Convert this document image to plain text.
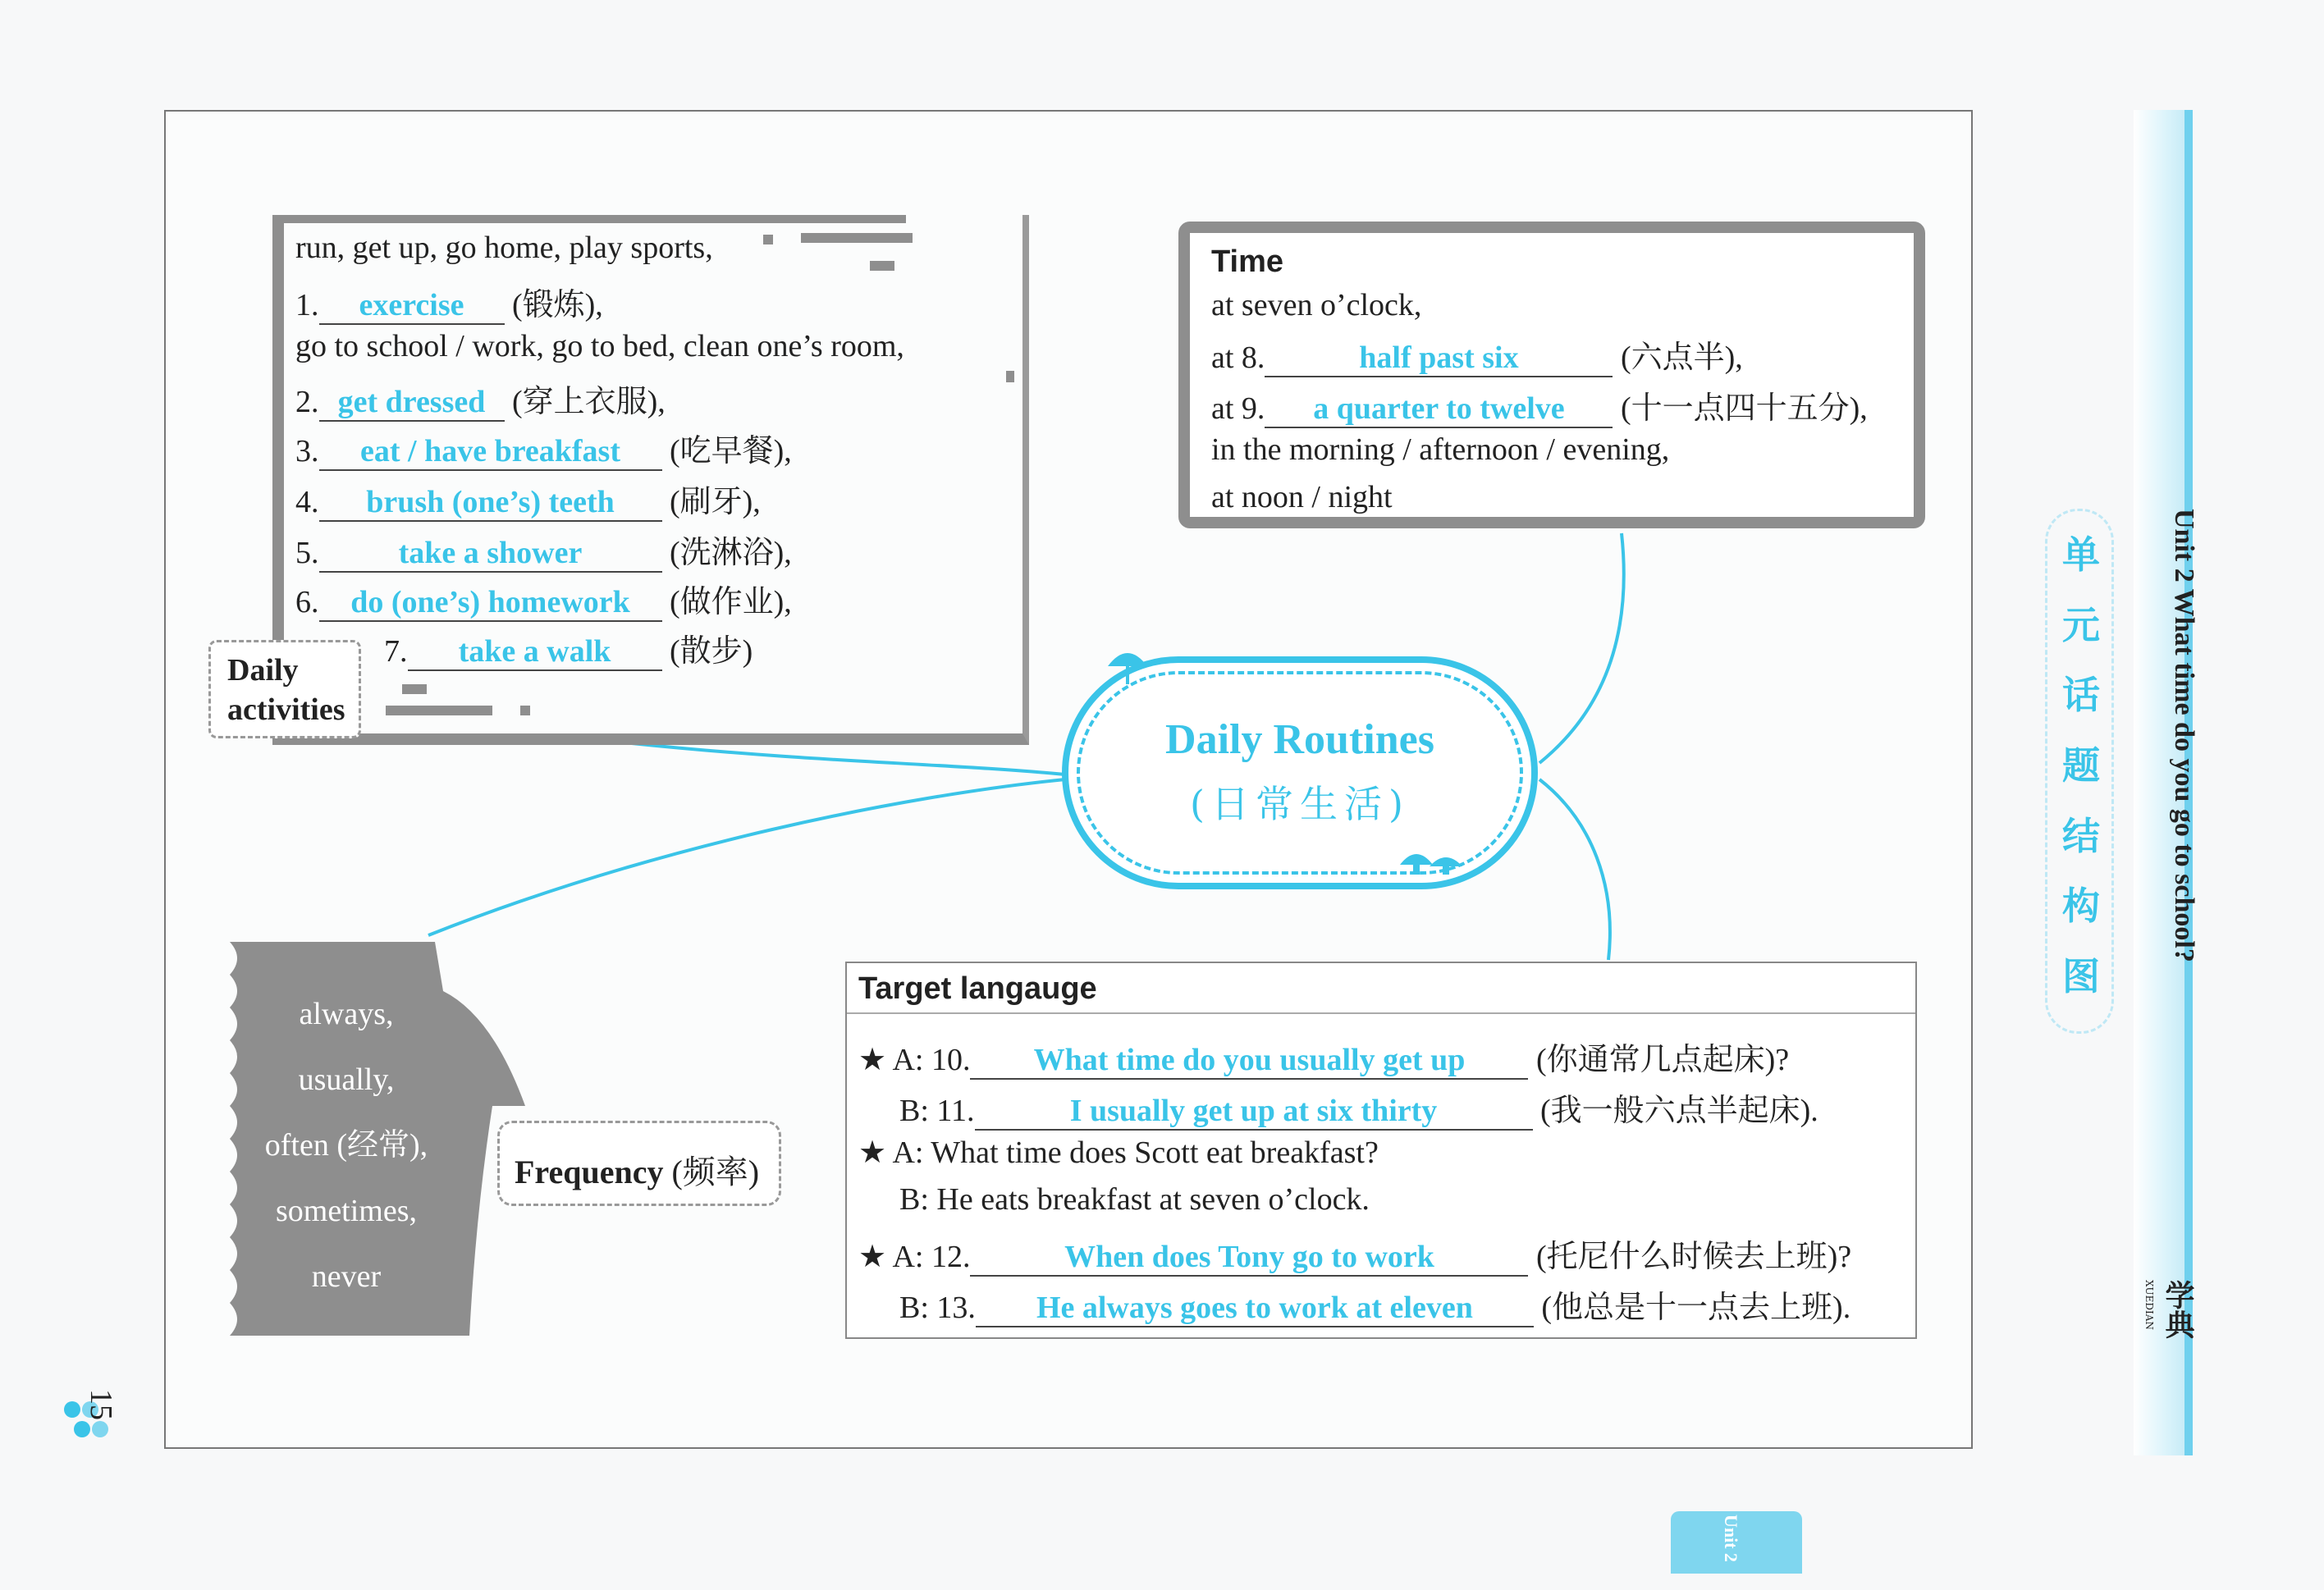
run, get up, go home, play sports,
1. exercise (锻炼),
go to school / work, go to bed, clean one’s room,
2. get dressed (穿上衣服),
3. eat / have breakfast (吃早餐),
4. brush (one’s) teeth (刷牙),
5.	take a shower	(洗淋浴),
6. do (one’s) homework (做作业),
7. take a walk (散步)
Daily
activities
Time
at seven o’clock,
at 8.	half past six	(六点半),
at 9. a quarter to twelve (十一点四十五分),
in the morning / afternoon / evening,
at noon / night
Daily Routines
(日常生活)
always,
usually,
often (经常),
sometimes,
never
Frequency (频率)
Target langauge
★ A: 10. What time do you usually get up (你通常几点起床)?
B: 11.	I usually get up at six thirty	(我一般六点半起床).
★ A: What time does Scott eat breakfast?
B: He eats breakfast at seven o’clock.
★ A: 12.	When does Tony go to work	(托尼什么时候去上班)?
B: 13. He always goes to work at eleven (他总是十一点去上班).
Unit 2 What time do you go to school?
单
元
话
题
结
构
图
学典 XUEDIAN
Unit 2
15
